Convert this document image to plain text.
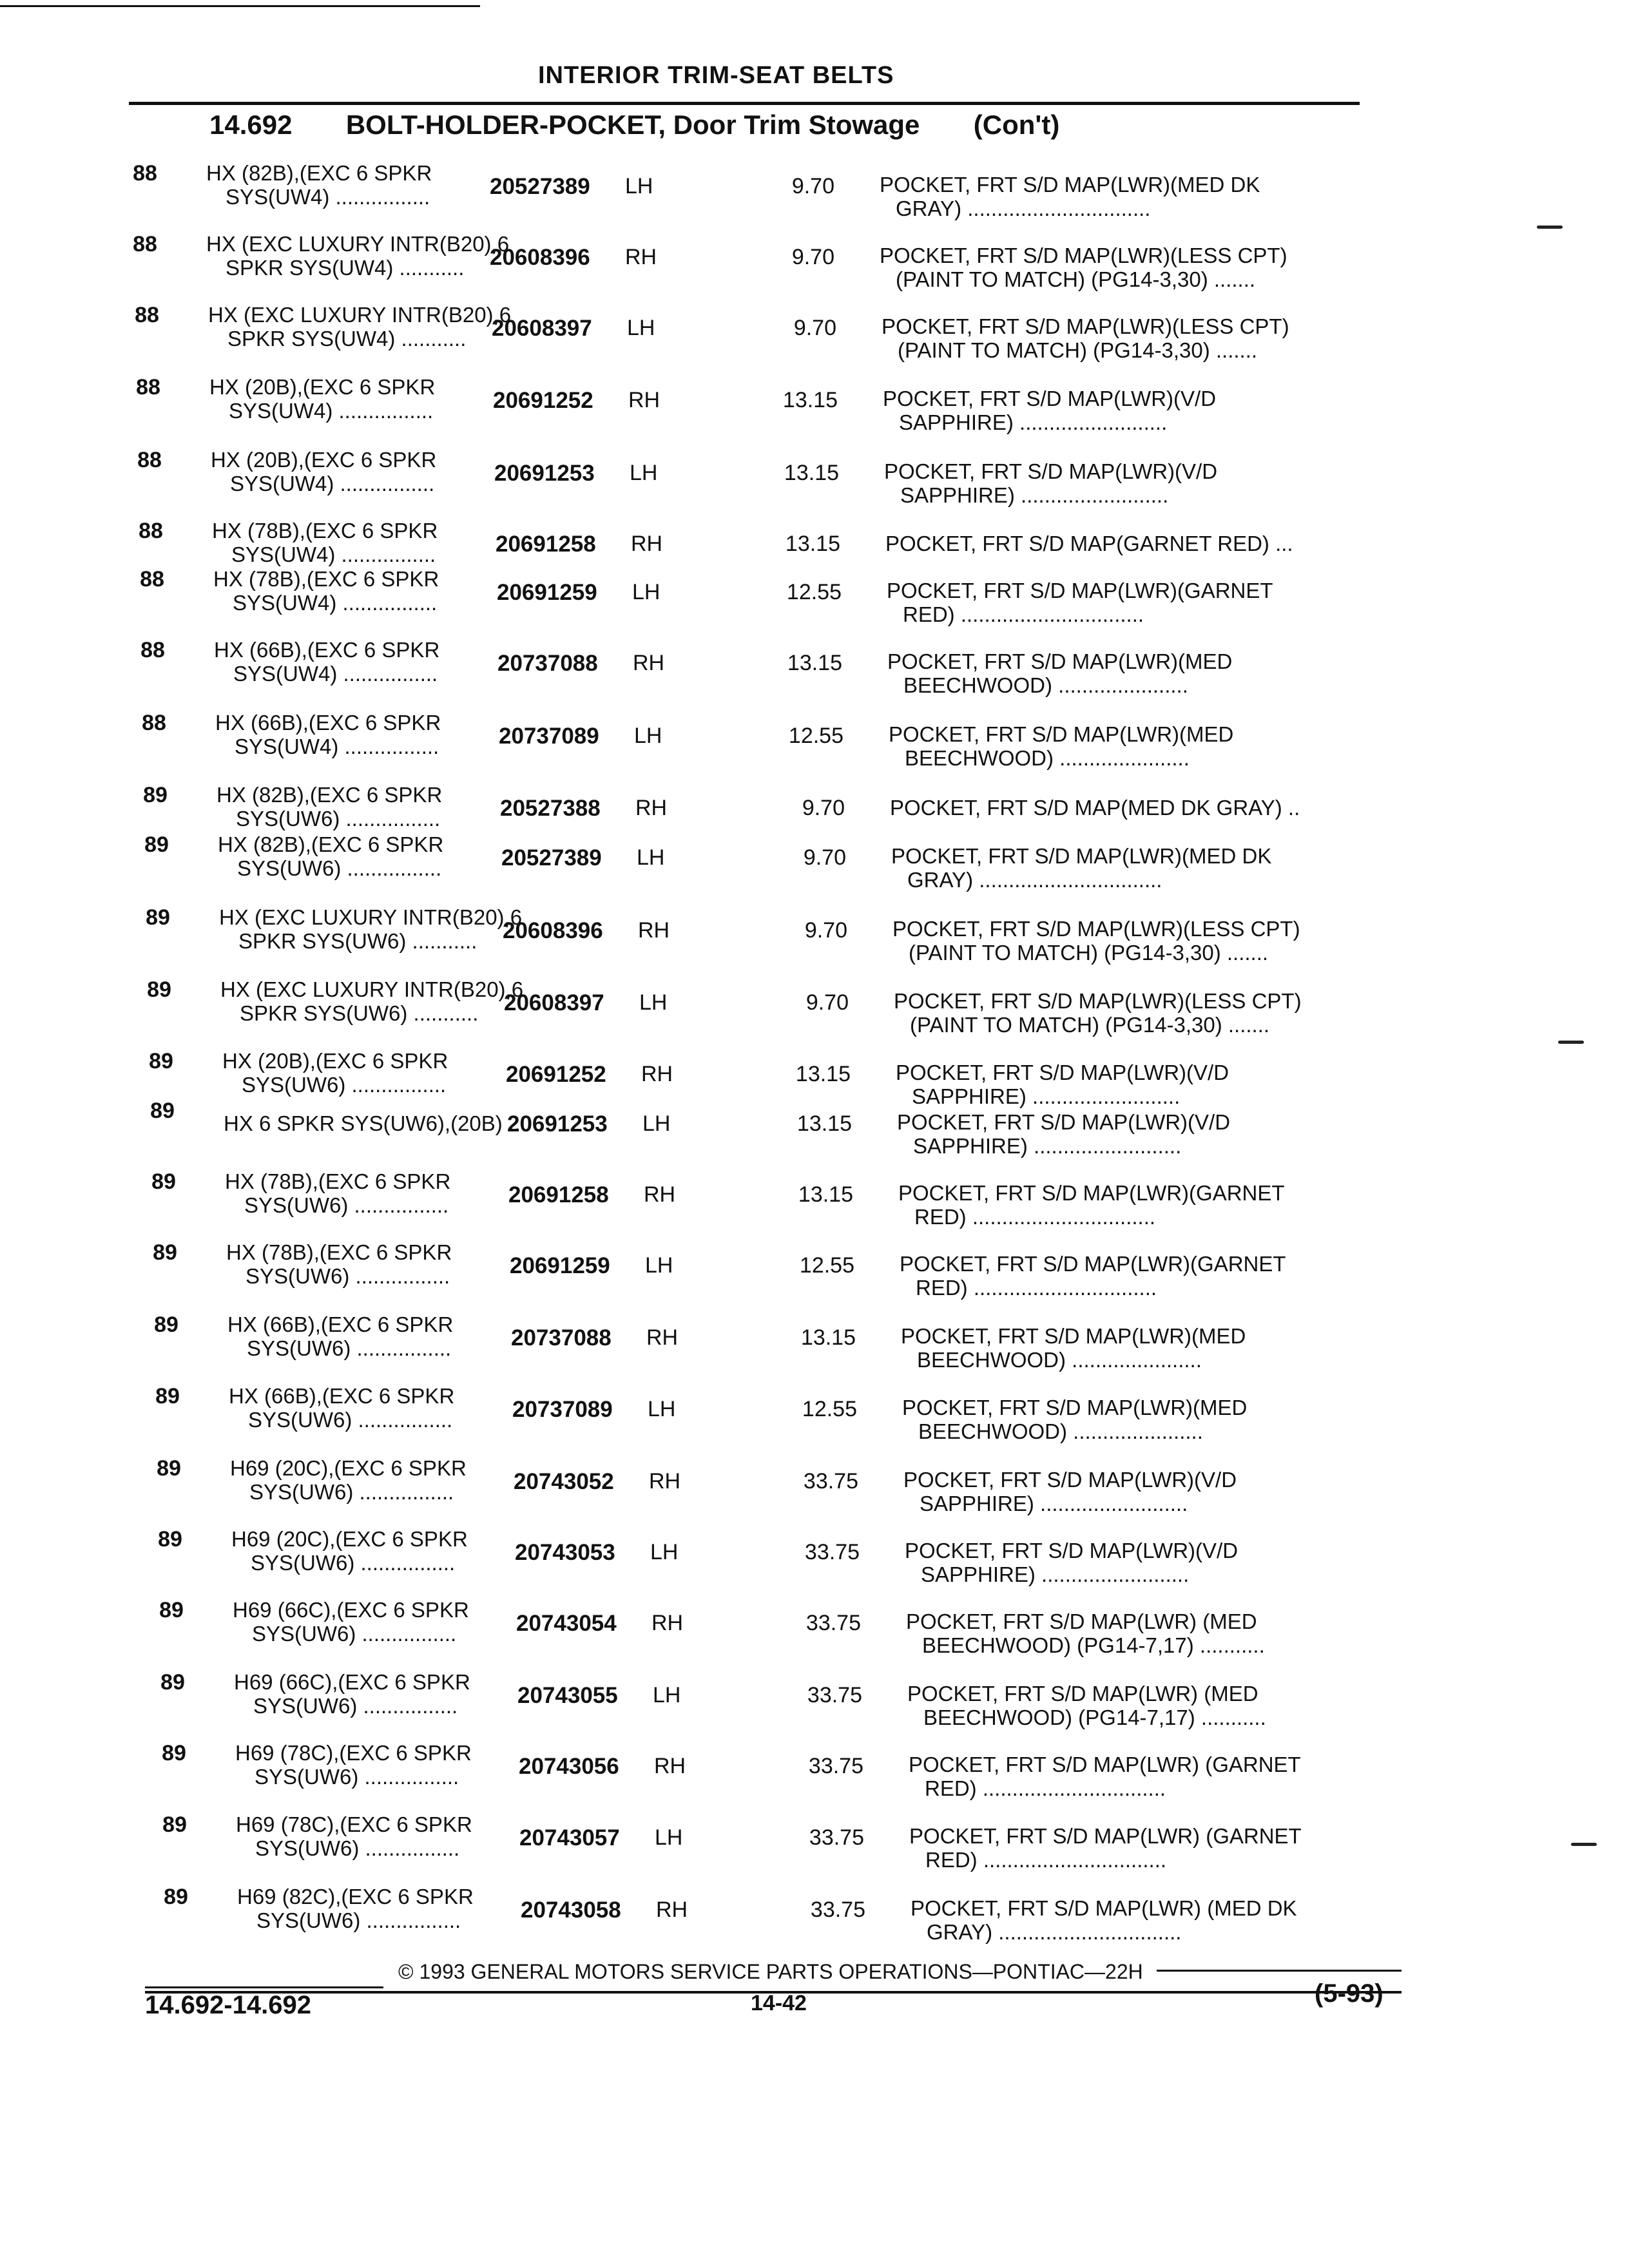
INTERIOR TRIM-SEAT BELTS
14.692 BOLT-HOLDER-POCKET, Door Trim Stowage (Con't)
88	HX (82B),(EXC 6 SPKR
SYS(UW4) ................	20527389 LH	9.70 POCKET, FRT S/D MAP(LWR)(MED DK
GRAY) ...............................
88	HX (EXC LUXURY INTR(B20),6
SPKR SYS(UW4) ........... 20608396 RH	9.70 POCKET, FRT S/D MAP(LWR)(LESS CPT)
(PAINT TO MATCH) (PG14-3,30) .......
88	HX (EXC LUXURY INTR(B20),6
SPKR SYS(UW4) ........... 20608397 LH	9.70 POCKET, FRT S/D MAP(LWR)(LESS CPT)
(PAINT TO MATCH) (PG14-3,30) .......
88	HX (20B),(EXC 6 SPKR
SYS(UW4) ................	20691252 RH	13.15 POCKET, FRT S/D MAP(LWR)(V/D
SAPPHIRE) .........................
88	HX (20B),(EXC 6 SPKR
SYS(UW4) ................	20691253 LH	13.15 POCKET, FRT S/D MAP(LWR)(V/D
SAPPHIRE) .........................
88	HX (78B),(EXC 6 SPKR
SYS(UW4) ................	20691258 RH	13.15 POCKET, FRT S/D MAP(GARNET RED) ...
88	HX (78B),(EXC 6 SPKR
SYS(UW4) ................	20691259 LH	12.55 POCKET, FRT S/D MAP(LWR)(GARNET
RED) ...............................
88	HX (66B),(EXC 6 SPKR
SYS(UW4) ................	20737088 RH	13.15 POCKET, FRT S/D MAP(LWR)(MED
BEECHWOOD) ......................
88	HX (66B),(EXC 6 SPKR
SYS(UW4) ................	20737089 LH	12.55 POCKET, FRT S/D MAP(LWR)(MED
BEECHWOOD) ......................
89	HX (82B),(EXC 6 SPKR
SYS(UW6) ................	20527388 RH	9.70 POCKET, FRT S/D MAP(MED DK GRAY) ..
89	HX (82B),(EXC 6 SPKR
SYS(UW6) ................	20527389 LH	9.70 POCKET, FRT S/D MAP(LWR)(MED DK
GRAY) ...............................
89	HX (EXC LUXURY INTR(B20),6
SPKR SYS(UW6) ........... 20608396 RH	9.70 POCKET, FRT S/D MAP(LWR)(LESS CPT)
(PAINT TO MATCH) (PG14-3,30) .......
89	HX (EXC LUXURY INTR(B20),6
SPKR SYS(UW6) ........... 20608397 LH	9.70 POCKET, FRT S/D MAP(LWR)(LESS CPT)
(PAINT TO MATCH) (PG14-3,30) .......
89	HX (20B),(EXC 6 SPKR
SYS(UW6) ................	20691252 RH	13.15 POCKET, FRT S/D MAP(LWR)(V/D
SAPPHIRE) .........................
89
HX 6 SPKR SYS(UW6),(20B) ..
20691253 LH	13.15 POCKET, FRT S/D MAP(LWR)(V/D
SAPPHIRE) .........................
89	HX (78B),(EXC 6 SPKR
SYS(UW6) ................	20691258 RH	13.15 POCKET, FRT S/D MAP(LWR)(GARNET
RED) ...............................
89	HX (78B),(EXC 6 SPKR
SYS(UW6) ................	20691259 LH	12.55 POCKET, FRT S/D MAP(LWR)(GARNET
RED) ...............................
89	HX (66B),(EXC 6 SPKR
SYS(UW6) ................	20737088 RH	13.15 POCKET, FRT S/D MAP(LWR)(MED
BEECHWOOD) ......................
89	HX (66B),(EXC 6 SPKR
SYS(UW6) ................	20737089 LH	12.55 POCKET, FRT S/D MAP(LWR)(MED
BEECHWOOD) ......................
89	H69 (20C),(EXC 6 SPKR
SYS(UW6) ................	20743052 RH	33.75 POCKET, FRT S/D MAP(LWR)(V/D
SAPPHIRE) .........................
89	H69 (20C),(EXC 6 SPKR
SYS(UW6) ................	20743053 LH	33.75 POCKET, FRT S/D MAP(LWR)(V/D
SAPPHIRE) .........................
89	H69 (66C),(EXC 6 SPKR
SYS(UW6) ................	20743054 RH	33.75 POCKET, FRT S/D MAP(LWR) (MED
BEECHWOOD) (PG14-7,17) ...........
89	H69 (66C),(EXC 6 SPKR
SYS(UW6) ................	20743055 LH	33.75 POCKET, FRT S/D MAP(LWR) (MED
BEECHWOOD) (PG14-7,17) ...........
89	H69 (78C),(EXC 6 SPKR
SYS(UW6) ................	20743056 RH	33.75 POCKET, FRT S/D MAP(LWR) (GARNET
RED) ...............................
89	H69 (78C),(EXC 6 SPKR
SYS(UW6) ................	20743057 LH	33.75 POCKET, FRT S/D MAP(LWR) (GARNET
RED) ...............................
89	H69 (82C),(EXC 6 SPKR
SYS(UW6) ................	20743058 RH	33.75 POCKET, FRT S/D MAP(LWR) (MED DK
GRAY) ...............................
© 1993 GENERAL MOTORS SERVICE PARTS OPERATIONS—PONTIAC—22H
14.692-14.692	14-42	(5-93)
